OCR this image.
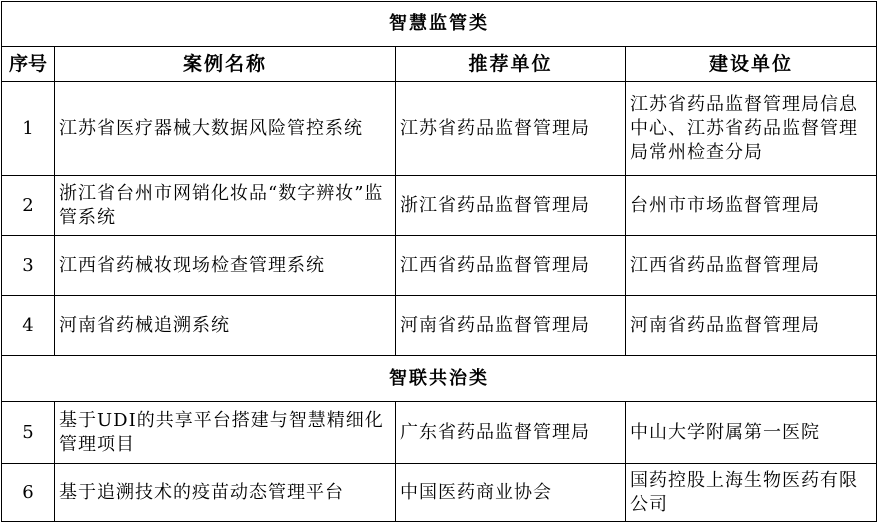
智慧监管类			
序号	案例名称	推荐单位	建设单位
1	江苏省医疗器械大数据风险管控系统	江苏省药品监督管理局	江苏省药品监督管理局信息中心、江苏省药品监督管理局常州检查分局
2	浙江省台州市网销化妆品“数字辨妆”监管系统	浙江省药品监督管理局	台州市市场监督管理局
3	江西省药械妆现场检查管理系统	江西省药品监督管理局	江西省药品监督管理局
4	河南省药械追溯系统	河南省药品监督管理局	河南省药品监督管理局
智联共治类			
5	基于UDI的共享平台搭建与智慧精细化管理项目	广东省药品监督管理局	中山大学附属第一医院
6	基于追溯技术的疫苗动态管理平台	中国医药商业协会	国药控股上海生物医药有限公司
